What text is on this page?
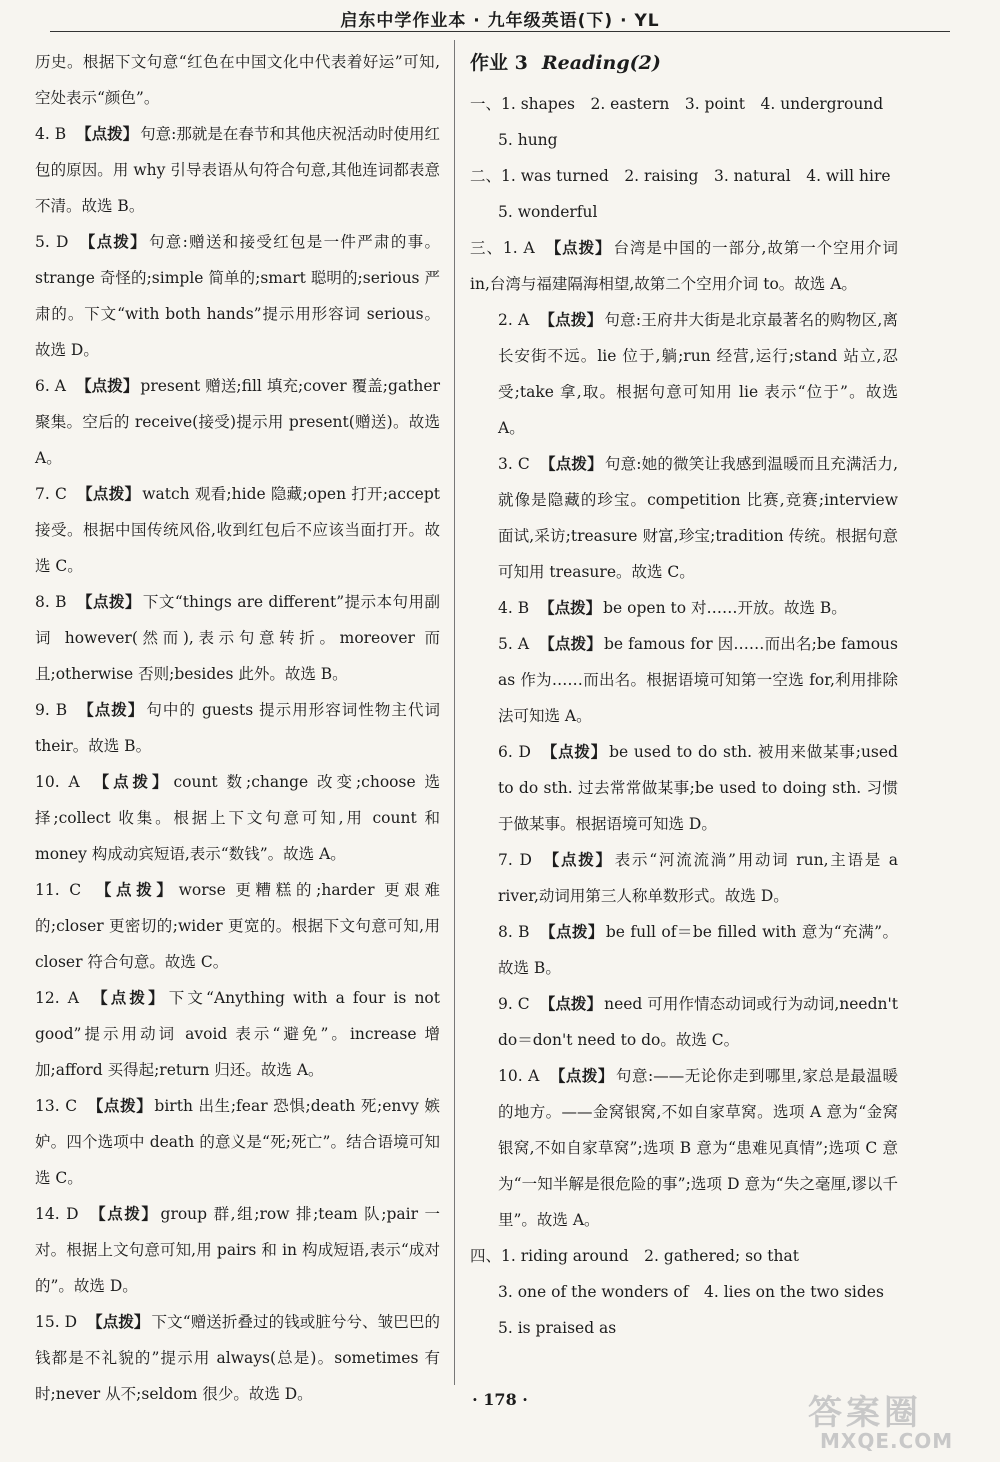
启东中学作业本 · 九年级英语(下) · YL
历史。根据下文句意“红色在中国文化中代表着好运”可知,空处表示“颜色”。
4. B 【点拨】 句意:那就是在春节和其他庆祝活动时使用红包的原因。用 why 引导表语从句符合句意,其他连词都表意不清。故选 B。
5. D 【点拨】 句意:赠送和接受红包是一件严肃的事。strange 奇怪的;simple 简单的;smart 聪明的;serious 严肃的。下文“with both hands”提示用形容词 serious。故选 D。
6. A 【点拨】 present 赠送;fill 填充;cover 覆盖;gather 聚集。空后的 receive(接受)提示用 present(赠送)。故选 A。
7. C 【点拨】 watch 观看;hide 隐藏;open 打开;accept 接受。根据中国传统风俗,收到红包后不应该当面打开。故选 C。
8. B 【点拨】 下文“things are different”提示本句用副词 however(然而),表示句意转折。moreover 而且;otherwise 否则;besides 此外。故选 B。
9. B 【点拨】 句中的 guests 提示用形容词性物主代词 their。故选 B。
10. A 【点拨】 count 数;change 改变;choose 选择;collect 收集。根据上下文句意可知,用 count 和 money 构成动宾短语,表示“数钱”。故选 A。
11. C 【点拨】 worse 更糟糕的;harder 更艰难的;closer 更密切的;wider 更宽的。根据下文句意可知,用 closer 符合句意。故选 C。
12. A 【点拨】 下文“Anything with a four is not good”提示用动词 avoid 表示“避免”。increase 增加;afford 买得起;return 归还。故选 A。
13. C 【点拨】 birth 出生;fear 恐惧;death 死;envy 嫉妒。四个选项中 death 的意义是“死;死亡”。结合语境可知选 C。
14. D 【点拨】 group 群,组;row 排;team 队;pair 一对。根据上文句意可知,用 pairs 和 in 构成短语,表示“成对的”。故选 D。
15. D 【点拨】 下文“赠送折叠过的钱或脏兮兮、皱巴巴的钱都是不礼貌的”提示用 always(总是)。sometimes 有时;never 从不;seldom 很少。故选 D。
作业 3 Reading(2)
一、1. shapes　2. eastern　3. point　4. underground
5. hung
二、1. was turned　2. raising　3. natural　4. will hire
5. wonderful
三、1. A 【点拨】 台湾是中国的一部分,故第一个空用介词 in,台湾与福建隔海相望,故第二个空用介词 to。故选 A。
2. A 【点拨】 句意:王府井大街是北京最著名的购物区,离长安街不远。lie 位于,躺;run 经营,运行;stand 站立,忍受;take 拿,取。根据句意可知用 lie 表示“位于”。故选 A。
3. C 【点拨】 句意:她的微笑让我感到温暖而且充满活力,就像是隐藏的珍宝。competition 比赛,竞赛;interview 面试,采访;treasure 财富,珍宝;tradition 传统。根据句意可知用 treasure。故选 C。
4. B 【点拨】 be open to 对……开放。故选 B。
5. A 【点拨】 be famous for 因……而出名;be famous as 作为……而出名。根据语境可知第一空选 for,利用排除法可知选 A。
6. D 【点拨】 be used to do sth. 被用来做某事;used to do sth. 过去常常做某事;be used to doing sth. 习惯于做某事。根据语境可知选 D。
7. D 【点拨】 表示“河流流淌”用动词 run,主语是 a river,动词用第三人称单数形式。故选 D。
8. B 【点拨】 be full of＝be filled with 意为“充满”。故选 B。
9. C 【点拨】 need 可用作情态动词或行为动词,needn't do＝don't need to do。故选 C。
10. A 【点拨】 句意:——无论你走到哪里,家总是最温暖的地方。——金窝银窝,不如自家草窝。选项 A 意为“金窝银窝,不如自家草窝”;选项 B 意为“患难见真情”;选项 C 意为“一知半解是很危险的事”;选项 D 意为“失之毫厘,谬以千里”。故选 A。
四、1. riding around　2. gathered; so that
3. one of the wonders of　4. lies on the two sides
5. is praised as
· 178 ·	答案圈
MXQE.COM
